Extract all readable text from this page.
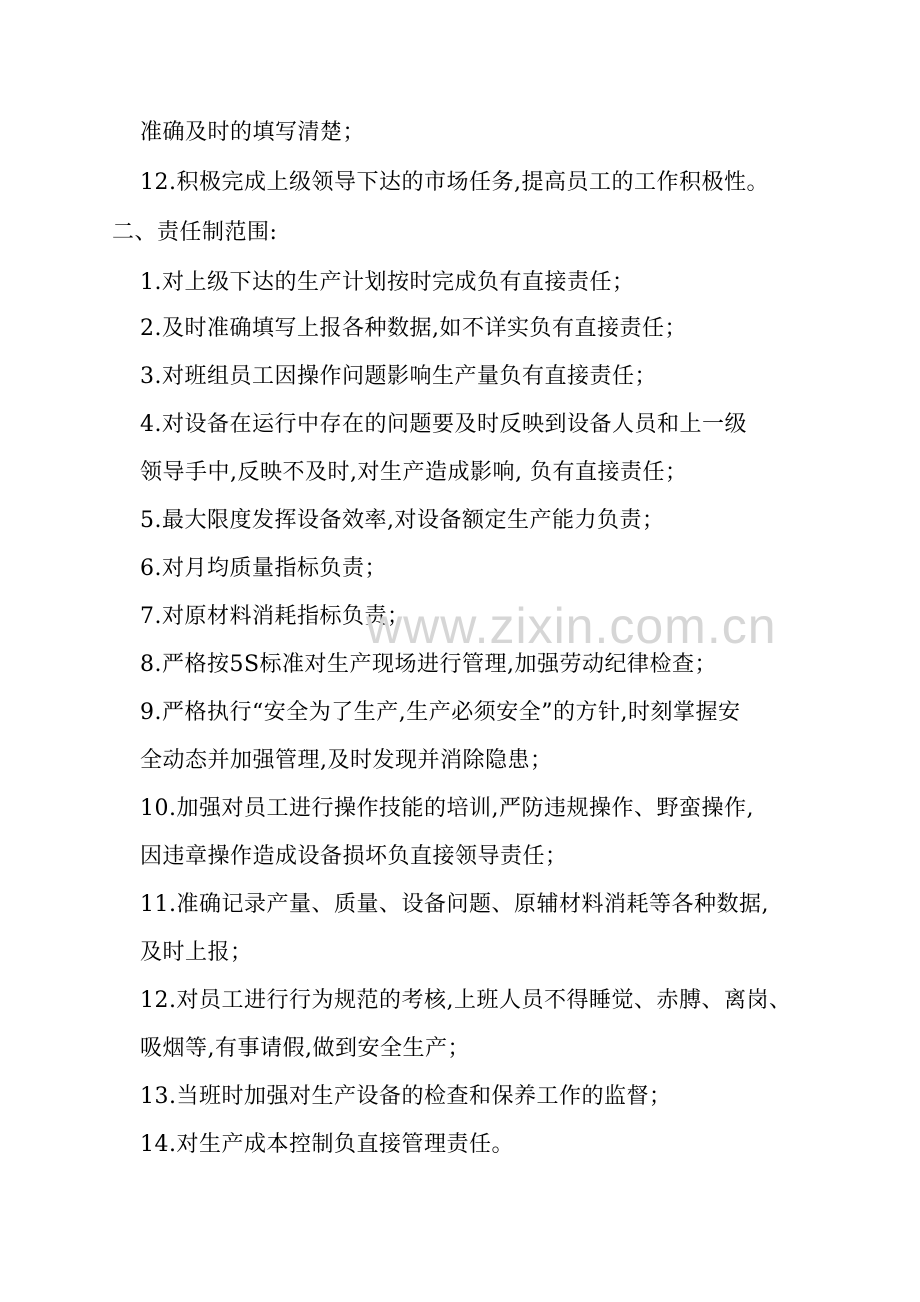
准确及时的填写清楚；
12.积极完成上级领导下达的市场任务,提高员工的工作积极性。
二、责任制范围:
1.对上级下达的生产计划按时完成负有直接责任；
2.及时准确填写上报各种数据,如不详实负有直接责任；
3.对班组员工因操作问题影响生产量负有直接责任；
4.对设备在运行中存在的问题要及时反映到设备人员和上一级
领导手中,反映不及时,对生产造成影响, 负有直接责任；
5.最大限度发挥设备效率,对设备额定生产能力负责；
6.对月均质量指标负责；
7.对原材料消耗指标负责；
8.严格按5S标准对生产现场进行管理,加强劳动纪律检查；
9.严格执行“安全为了生产,生产必须安全”的方针,时刻掌握安
全动态并加强管理,及时发现并消除隐患；
10.加强对员工进行操作技能的培训,严防违规操作、野蛮操作,
因违章操作造成设备损坏负直接领导责任；
11.准确记录产量、质量、设备问题、原辅材料消耗等各种数据,
及时上报；
12.对员工进行行为规范的考核,上班人员不得睡觉、赤膊、离岗、
吸烟等,有事请假,做到安全生产；
13.当班时加强对生产设备的检查和保养工作的监督；
14.对生产成本控制负直接管理责任。
www.zixin.com.cn
